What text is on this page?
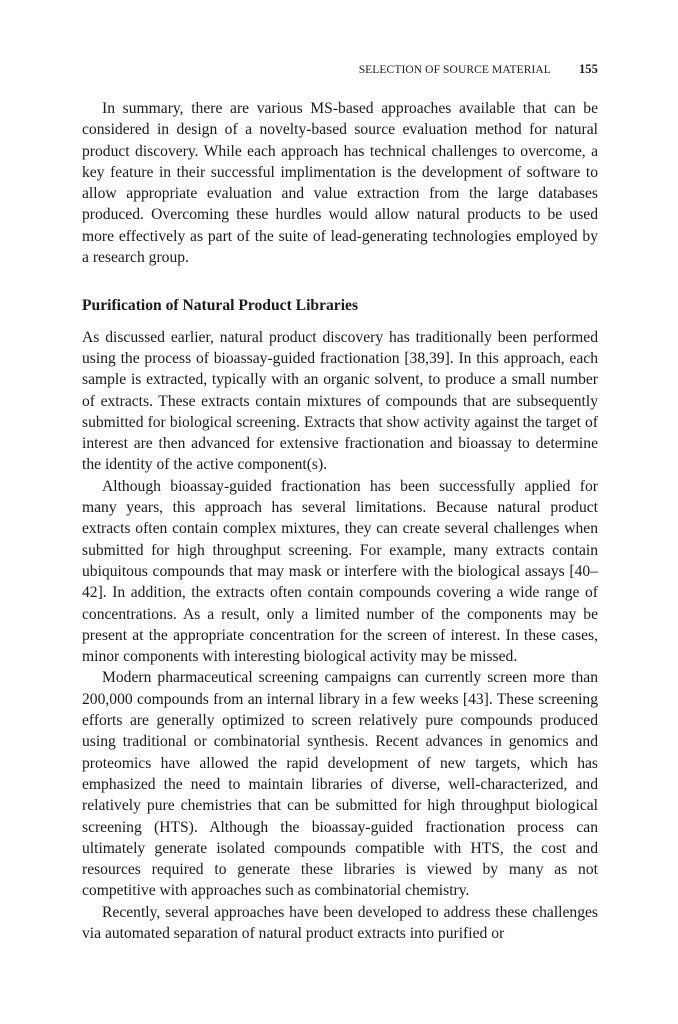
SELECTION OF SOURCE MATERIAL 155

In summary, there are various MS-based approaches available that can be considered in design of a novelty-based source evaluation method for natural product discovery. While each approach has technical challenges to overcome, a key feature in their successful implimentation is the development of software to allow appropriate evaluation and value extraction from the large databases produced. Overcoming these hurdles would allow natural products to be used more effectively as part of the suite of lead-generating technologies employed by a research group.

Purification of Natural Product Libraries

As discussed earlier, natural product discovery has traditionally been performed using the process of bioassay-guided fractionation [38,39]. In this approach, each sample is extracted, typically with an organic solvent, to produce a small number of extracts. These extracts contain mixtures of compounds that are subsequently submitted for biological screening. Extracts that show activity against the target of interest are then advanced for extensive fractionation and bioassay to determine the identity of the active component(s).

Although bioassay-guided fractionation has been successfully applied for many years, this approach has several limitations. Because natural product extracts often contain complex mixtures, they can create several challenges when submitted for high throughput screening. For example, many extracts contain ubiquitous compounds that may mask or interfere with the biological assays [40–42]. In addition, the extracts often contain compounds covering a wide range of concentrations. As a result, only a limited number of the components may be present at the appropriate concentration for the screen of interest. In these cases, minor components with interesting biological activity may be missed.

Modern pharmaceutical screening campaigns can currently screen more than 200,000 compounds from an internal library in a few weeks [43]. These screening efforts are generally optimized to screen relatively pure compounds produced using traditional or combinatorial synthesis. Recent advances in genomics and proteomics have allowed the rapid development of new targets, which has emphasized the need to maintain libraries of diverse, well-characterized, and relatively pure chemistries that can be submitted for high throughput biological screening (HTS). Although the bioassay-guided fractionation process can ultimately generate isolated compounds compatible with HTS, the cost and resources required to generate these libraries is viewed by many as not competitive with approaches such as combinatorial chemistry.

Recently, several approaches have been developed to address these challenges via automated separation of natural product extracts into purified or
